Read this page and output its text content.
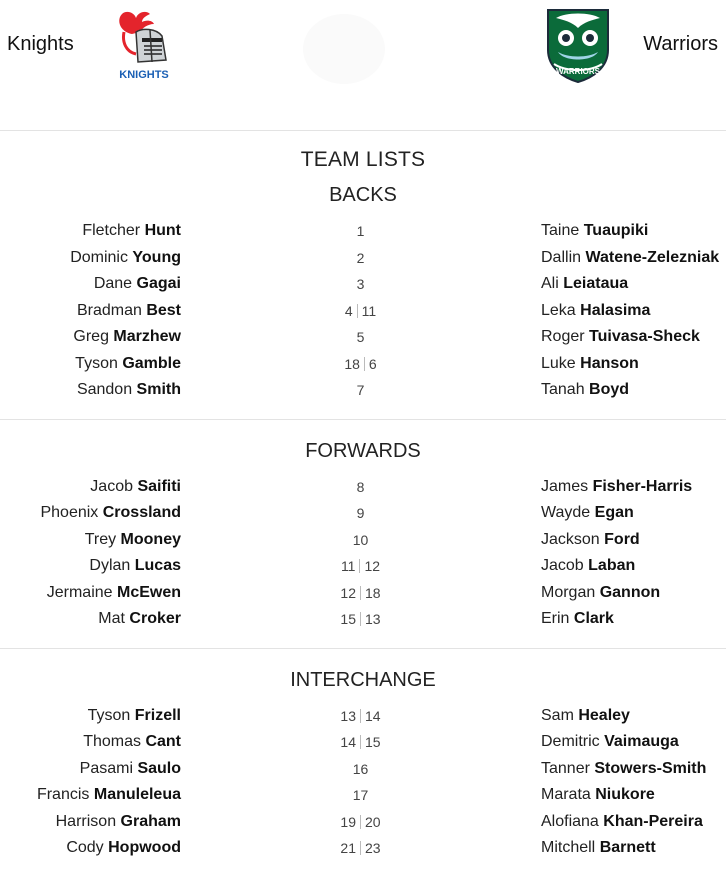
Knights
KNIGHTS	WARRIORS
Warriors
TEAM LISTS
BACKS
Fletcher Hunt	1	Taine Tuaupiki
Dominic Young	2	Dallin Watene-Zelezniak
Dane Gagai	3	Ali Leiataua
Bradman Best	4 11	Leka Halasima
Greg Marzhew	5	Roger Tuivasa-Sheck
Tyson Gamble	18 6	Luke Hanson
Sandon Smith	7	Tanah Boyd
FORWARDS
Jacob Saifiti	8	James Fisher-Harris
Phoenix Crossland	9	Wayde Egan
Trey Mooney	10	Jackson Ford
Dylan Lucas	11 12	Jacob Laban
Jermaine McEwen	12 18	Morgan Gannon
Mat Croker	15 13	Erin Clark
INTERCHANGE
Tyson Frizell	13 14	Sam Healey
Thomas Cant	14 15	Demitric Vaimauga
Pasami Saulo	16	Tanner Stowers-Smith
Francis Manuleleua	17	Marata Niukore
Harrison Graham	19 20	Alofiana Khan-Pereira
Cody Hopwood	21 23	Mitchell Barnett
